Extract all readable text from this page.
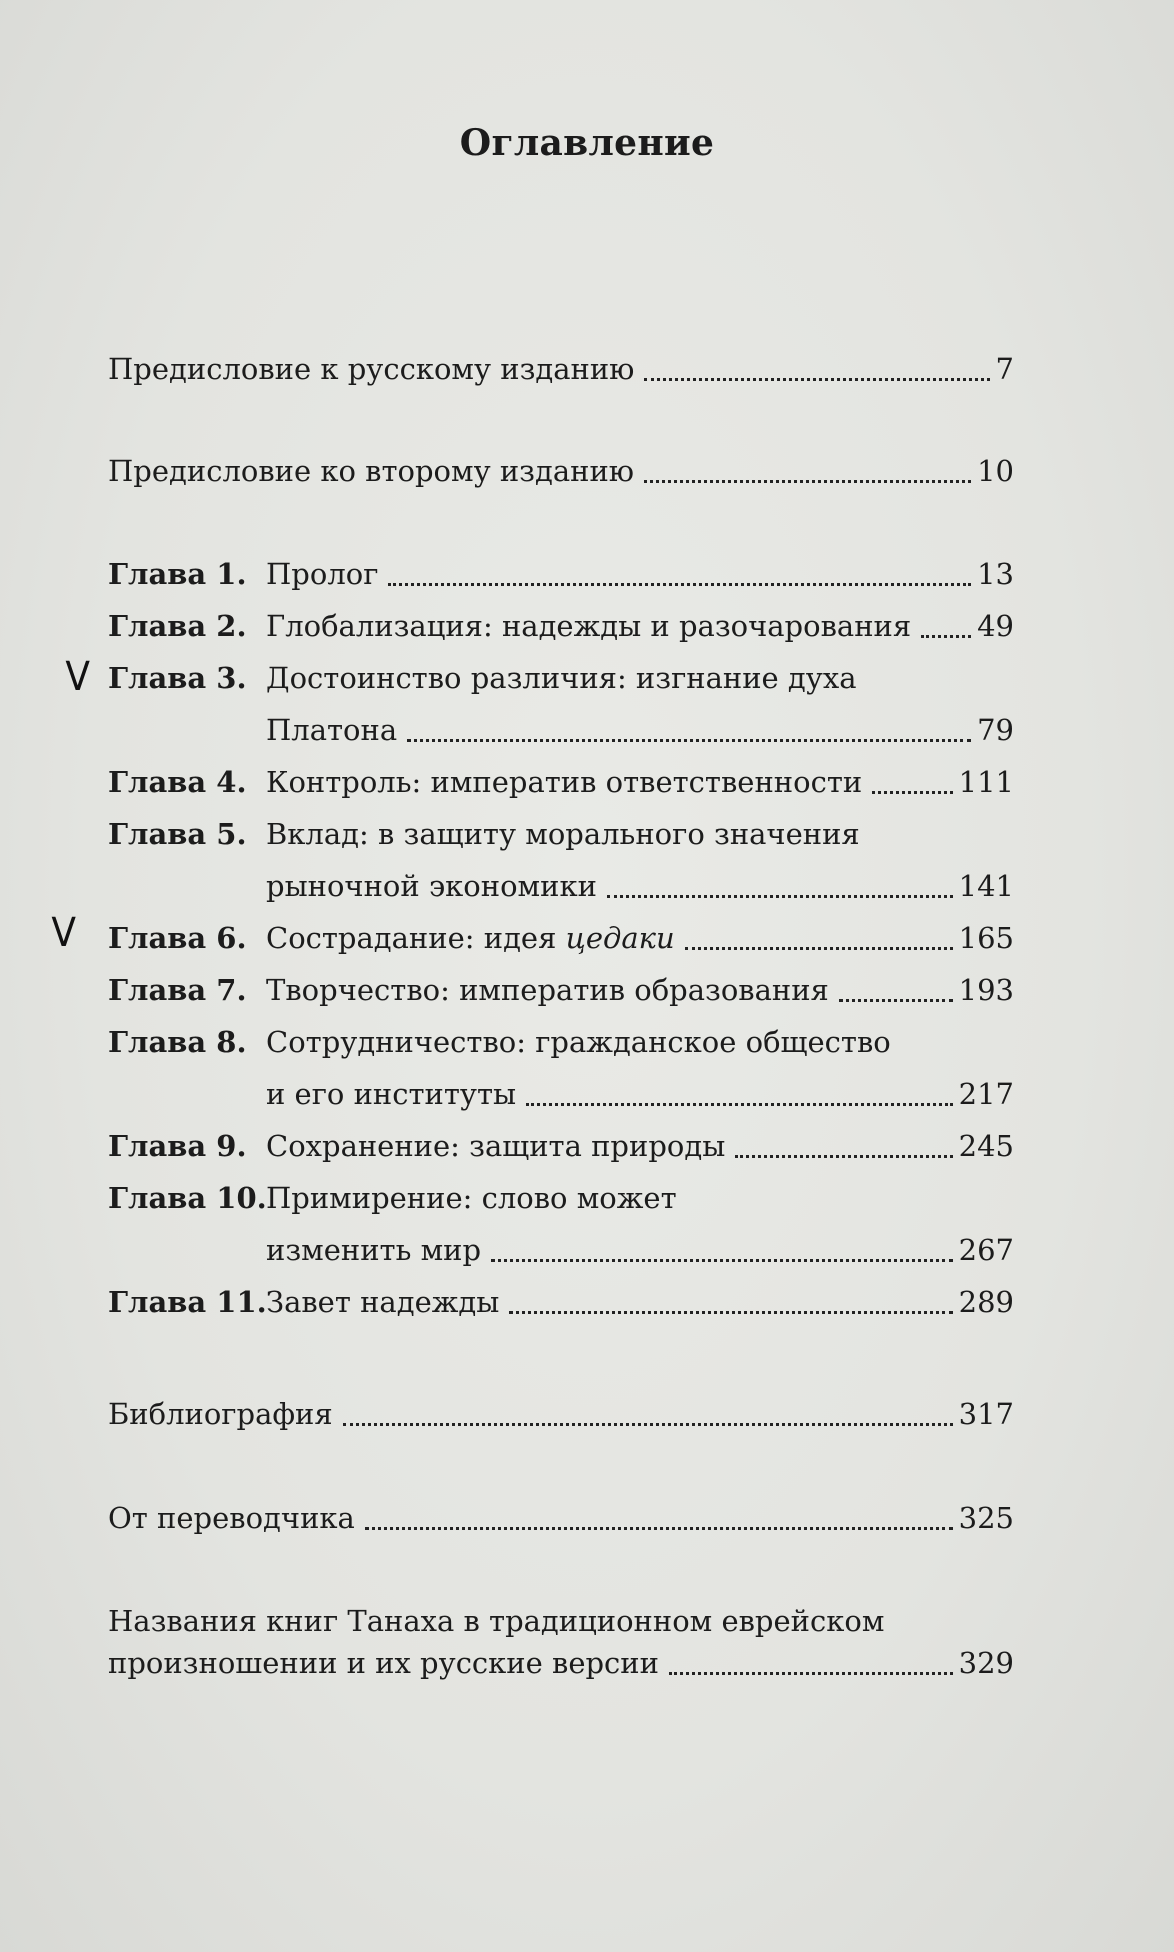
Оглавление
Предисловие к русскому изданию	7
Предисловие ко второму изданию	10
Глава 1. Пролог	13
Глава 2. Глобализация: надежды и разочарования 49
V Глава 3. Достоинство различия: изгнание духа
Платона	79
Глава 4. Контроль: императив ответственности	111
Глава 5. Вклад: в защиту морального значения
рыночной экономики	141
V Глава 6. Сострадание: идея цедаки	165
Глава 7. Творчество: императив образования	193
Глава 8. Сотрудничество: гражданское общество
и его институты	217
Глава 9. Сохранение: защита природы	245
Глава 10. Примирение: слово может
изменить мир	267
Глава 11. Завет надежды	289
Библиография	317
От переводчика	325
Названия книг Танаха в традиционном еврейском
произношении и их русские версии	329
